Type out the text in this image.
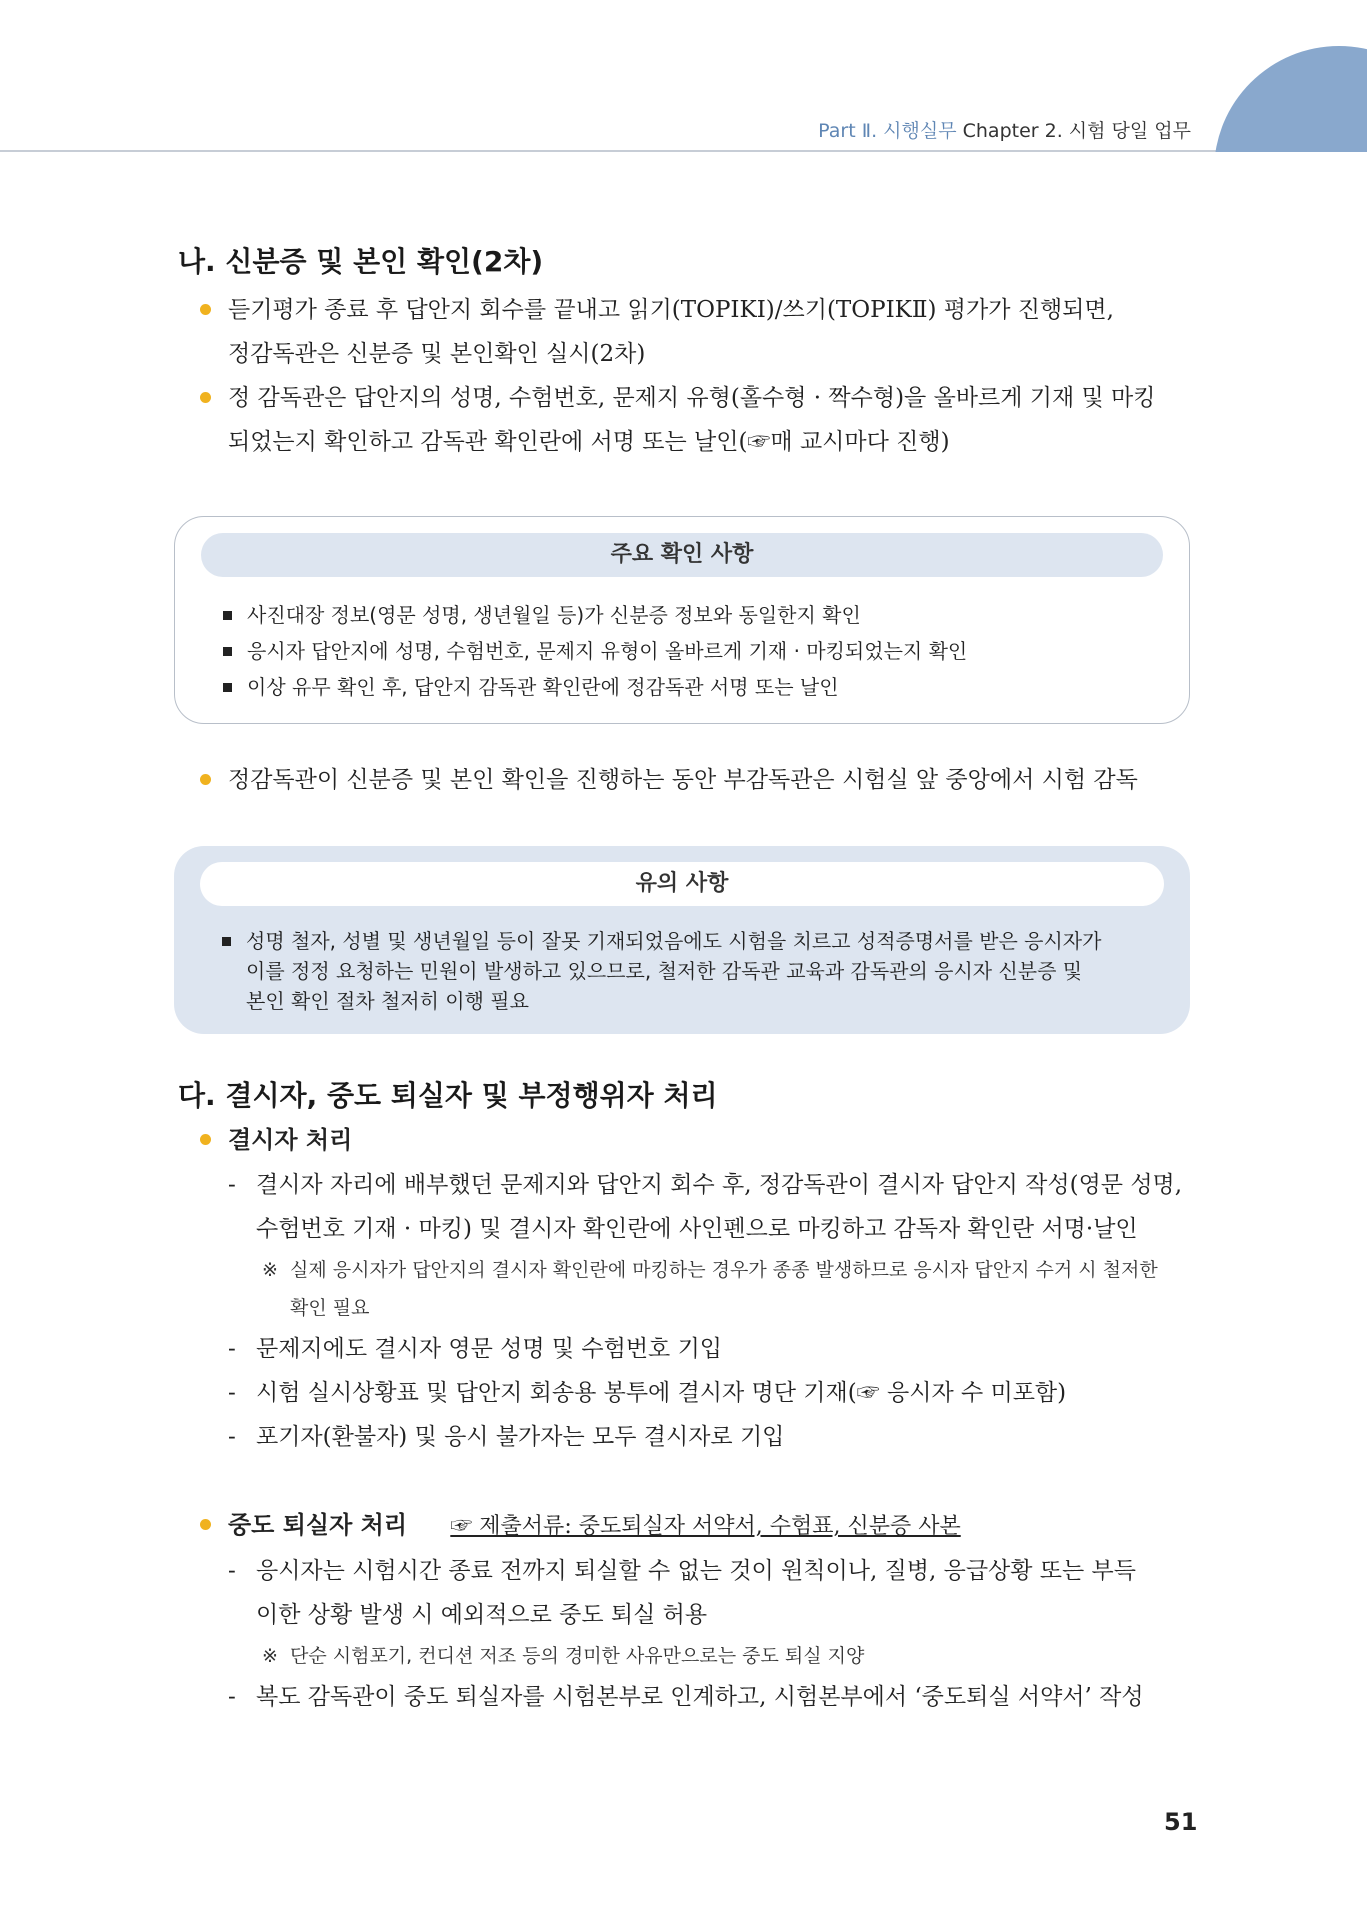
Part Ⅱ. 시행실무 Chapter 2. 시험 당일 업무
나. 신분증 및 본인 확인(2차)
듣기평가 종료 후 답안지 회수를 끝내고 읽기(TOPIKⅠ)/쓰기(TOPIKⅡ) 평가가 진행되면,
정감독관은 신분증 및 본인확인 실시(2차)
정 감독관은 답안지의 성명, 수험번호, 문제지 유형(홀수형 · 짝수형)을 올바르게 기재 및 마킹
되었는지 확인하고 감독관 확인란에 서명 또는 날인(☞매 교시마다 진행)
주요 확인 사항
사진대장 정보(영문 성명, 생년월일 등)가 신분증 정보와 동일한지 확인
응시자 답안지에 성명, 수험번호, 문제지 유형이 올바르게 기재 · 마킹되었는지 확인
이상 유무 확인 후, 답안지 감독관 확인란에 정감독관 서명 또는 날인
정감독관이 신분증 및 본인 확인을 진행하는 동안 부감독관은 시험실 앞 중앙에서 시험 감독
유의 사항
성명 철자, 성별 및 생년월일 등이 잘못 기재되었음에도 시험을 치르고 성적증명서를 받은 응시자가
이를 정정 요청하는 민원이 발생하고 있으므로, 철저한 감독관 교육과 감독관의 응시자 신분증 및
본인 확인 절차 철저히 이행 필요
다. 결시자, 중도 퇴실자 및 부정행위자 처리
결시자 처리
- 결시자 자리에 배부했던 문제지와 답안지 회수 후, 정감독관이 결시자 답안지 작성(영문 성명,
수험번호 기재 · 마킹) 및 결시자 확인란에 사인펜으로 마킹하고 감독자 확인란 서명·날인
※ 실제 응시자가 답안지의 결시자 확인란에 마킹하는 경우가 종종 발생하므로 응시자 답안지 수거 시 철저한
확인 필요
- 문제지에도 결시자 영문 성명 및 수험번호 기입
- 시험 실시상황표 및 답안지 회송용 봉투에 결시자 명단 기재(☞ 응시자 수 미포함)
- 포기자(환불자) 및 응시 불가자는 모두 결시자로 기입
중도 퇴실자 처리 ☞ 제출서류: 중도퇴실자 서약서, 수험표, 신분증 사본
- 응시자는 시험시간 종료 전까지 퇴실할 수 없는 것이 원칙이나, 질병, 응급상황 또는 부득
이한 상황 발생 시 예외적으로 중도 퇴실 허용
※ 단순 시험포기, 컨디션 저조 등의 경미한 사유만으로는 중도 퇴실 지양
- 복도 감독관이 중도 퇴실자를 시험본부로 인계하고, 시험본부에서 ‘중도퇴실 서약서’ 작성
51
